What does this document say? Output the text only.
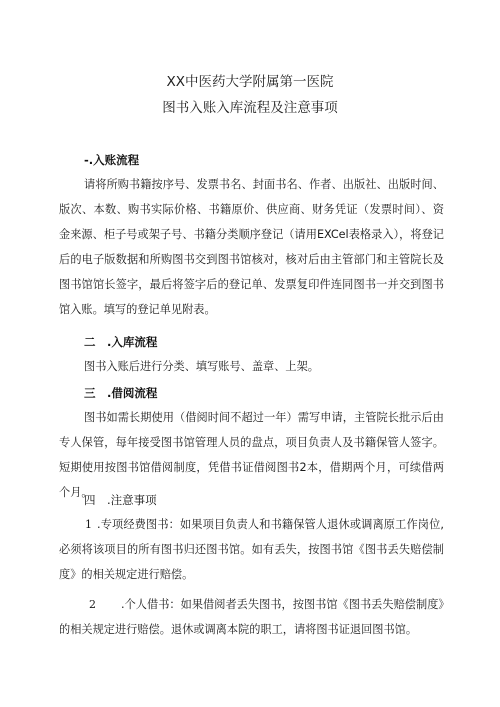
XX中医药大学附属第一医院
图书入账入库流程及注意事项
-.入账流程
请将所购书籍按序号、发票书名、封面书名、作者、出版社、出版时间、版次、本数、购书实际价格、书籍原价、供应商、财务凭证（发票时间）、资金来源、柜子号或架子号、书籍分类顺序登记（请用EXCel表格录入），将登记后的电子版数据和所购图书交到图书馆核对，核对后由主管部门和主管院长及图书馆馆长签字，最后将签字后的登记单、发票复印件连同图书一并交到图书馆入账。填写的登记单见附表。
二　.入库流程
图书入账后进行分类、填写账号、盖章、上架。
三　.借阅流程
图书如需长期使用（借阅时间不超过一年）需写申请，主管院长批示后由专人保管，每年接受图书馆管理人员的盘点，项目负责人及书籍保管人签字。短期使用按图书馆借阅制度，凭借书证借阅图书2本，借期两个月，可续借两个月。
四　.注意事项
1 .专项经费图书：如果项目负责人和书籍保管人退休或调离原工作岗位,必须将该项目的所有图书归还图书馆。如有丢失，按图书馆《图书丢失赔偿制度》的相关规定进行赔偿。
2 .个人借书：如果借阅者丢失图书，按图书馆《图书丢失赔偿制度》的相关规定进行赔偿。退休或调离本院的职工，请将图书证退回图书馆。
